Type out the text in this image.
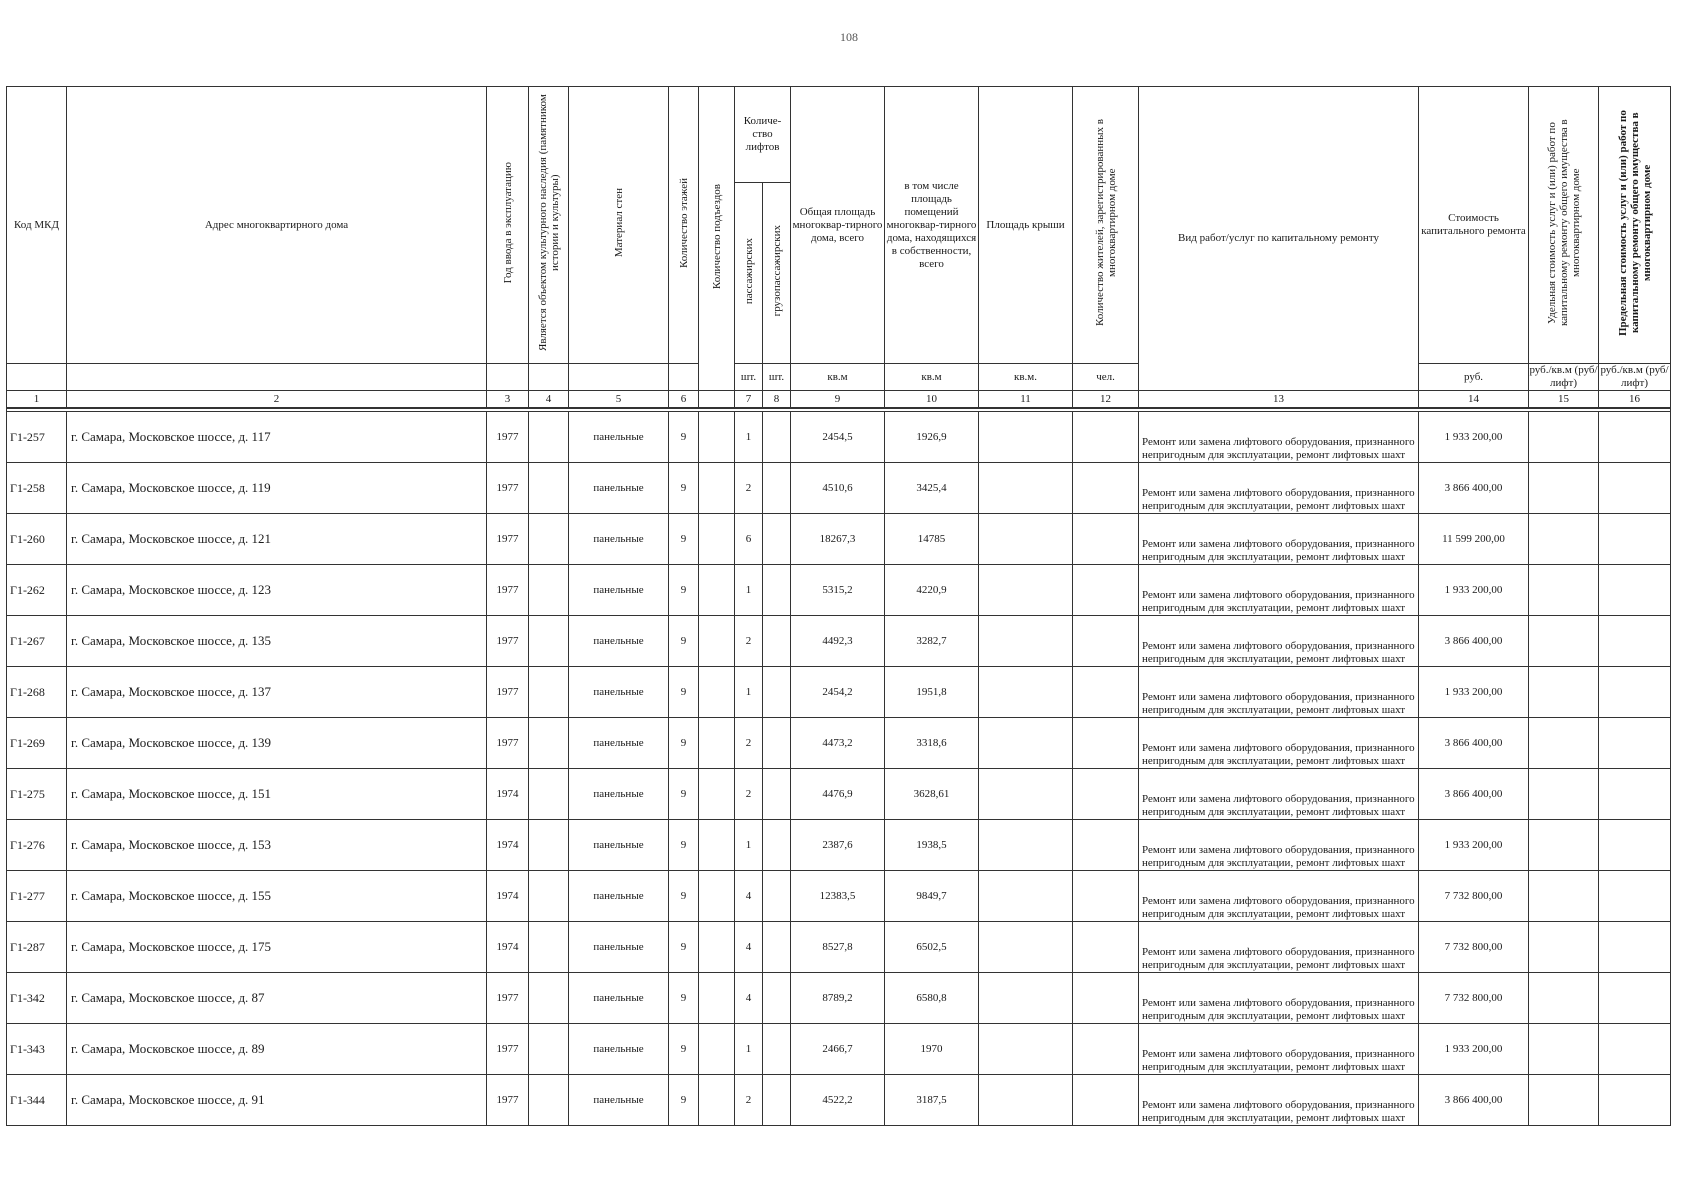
108
Код МКД	Адрес многоквартирного дома	Год ввода в эксплуатацию	Является объектом культурного наследия (памятником истории и культуры)	Материал стен	Количество этажей	Количество подъездов	Количе-ство лифтов		Общая площадь многоквар-тирного дома, всего	в том числе площадь помещений многоквар-тирного дома, находящихся в собственности, всего	Площадь крыши	Количество жителей, зарегистрированных в многоквартирном доме	Вид работ/услуг по капитальному ремонту	Стоимость капитального ремонта	Удельная стоимость услуг и (или) работ по капитальному ремонту общего имущества в многоквартирном доме	Предельная стоимость услуг и (или) работ по капитальному ремонту общего имущества в многоквартирном доме
							пассажирских	грузопассажирских								
							шт.	шт.	кв.м	кв.м	кв.м.	чел.		руб.	руб./кв.м (руб/лифт)	руб./кв.м (руб/лифт)
1	2	3	4	5	6		7	8	9	10	11	12	13	14	15	16

Г1-257	г. Самара, Московское шоссе, д. 117	1977		панельные	9		1		2454,5	1926,9			Ремонт или замена лифтового оборудования, признанного непригодным для эксплуатации, ремонт лифтовых шахт	1 933 200,00		
Г1-258	г. Самара, Московское шоссе, д. 119	1977		панельные	9		2		4510,6	3425,4			Ремонт или замена лифтового оборудования, признанного непригодным для эксплуатации, ремонт лифтовых шахт	3 866 400,00		
Г1-260	г. Самара, Московское шоссе, д. 121	1977		панельные	9		6		18267,3	14785			Ремонт или замена лифтового оборудования, признанного непригодным для эксплуатации, ремонт лифтовых шахт	11 599 200,00		
Г1-262	г. Самара, Московское шоссе, д. 123	1977		панельные	9		1		5315,2	4220,9			Ремонт или замена лифтового оборудования, признанного непригодным для эксплуатации, ремонт лифтовых шахт	1 933 200,00		
Г1-267	г. Самара, Московское шоссе, д. 135	1977		панельные	9		2		4492,3	3282,7			Ремонт или замена лифтового оборудования, признанного непригодным для эксплуатации, ремонт лифтовых шахт	3 866 400,00		
Г1-268	г. Самара, Московское шоссе, д. 137	1977		панельные	9		1		2454,2	1951,8			Ремонт или замена лифтового оборудования, признанного непригодным для эксплуатации, ремонт лифтовых шахт	1 933 200,00		
Г1-269	г. Самара, Московское шоссе, д. 139	1977		панельные	9		2		4473,2	3318,6			Ремонт или замена лифтового оборудования, признанного непригодным для эксплуатации, ремонт лифтовых шахт	3 866 400,00		
Г1-275	г. Самара, Московское шоссе, д. 151	1974		панельные	9		2		4476,9	3628,61			Ремонт или замена лифтового оборудования, признанного непригодным для эксплуатации, ремонт лифтовых шахт	3 866 400,00		
Г1-276	г. Самара, Московское шоссе, д. 153	1974		панельные	9		1		2387,6	1938,5			Ремонт или замена лифтового оборудования, признанного непригодным для эксплуатации, ремонт лифтовых шахт	1 933 200,00		
Г1-277	г. Самара, Московское шоссе, д. 155	1974		панельные	9		4		12383,5	9849,7			Ремонт или замена лифтового оборудования, признанного непригодным для эксплуатации, ремонт лифтовых шахт	7 732 800,00		
Г1-287	г. Самара, Московское шоссе, д. 175	1974		панельные	9		4		8527,8	6502,5			Ремонт или замена лифтового оборудования, признанного непригодным для эксплуатации, ремонт лифтовых шахт	7 732 800,00		
Г1-342	г. Самара, Московское шоссе, д. 87	1977		панельные	9		4		8789,2	6580,8			Ремонт или замена лифтового оборудования, признанного непригодным для эксплуатации, ремонт лифтовых шахт	7 732 800,00		
Г1-343	г. Самара, Московское шоссе, д. 89	1977		панельные	9		1		2466,7	1970			Ремонт или замена лифтового оборудования, признанного непригодным для эксплуатации, ремонт лифтовых шахт	1 933 200,00		
Г1-344	г. Самара, Московское шоссе, д. 91	1977		панельные	9		2		4522,2	3187,5			Ремонт или замена лифтового оборудования, признанного непригодным для эксплуатации, ремонт лифтовых шахт	3 866 400,00		
